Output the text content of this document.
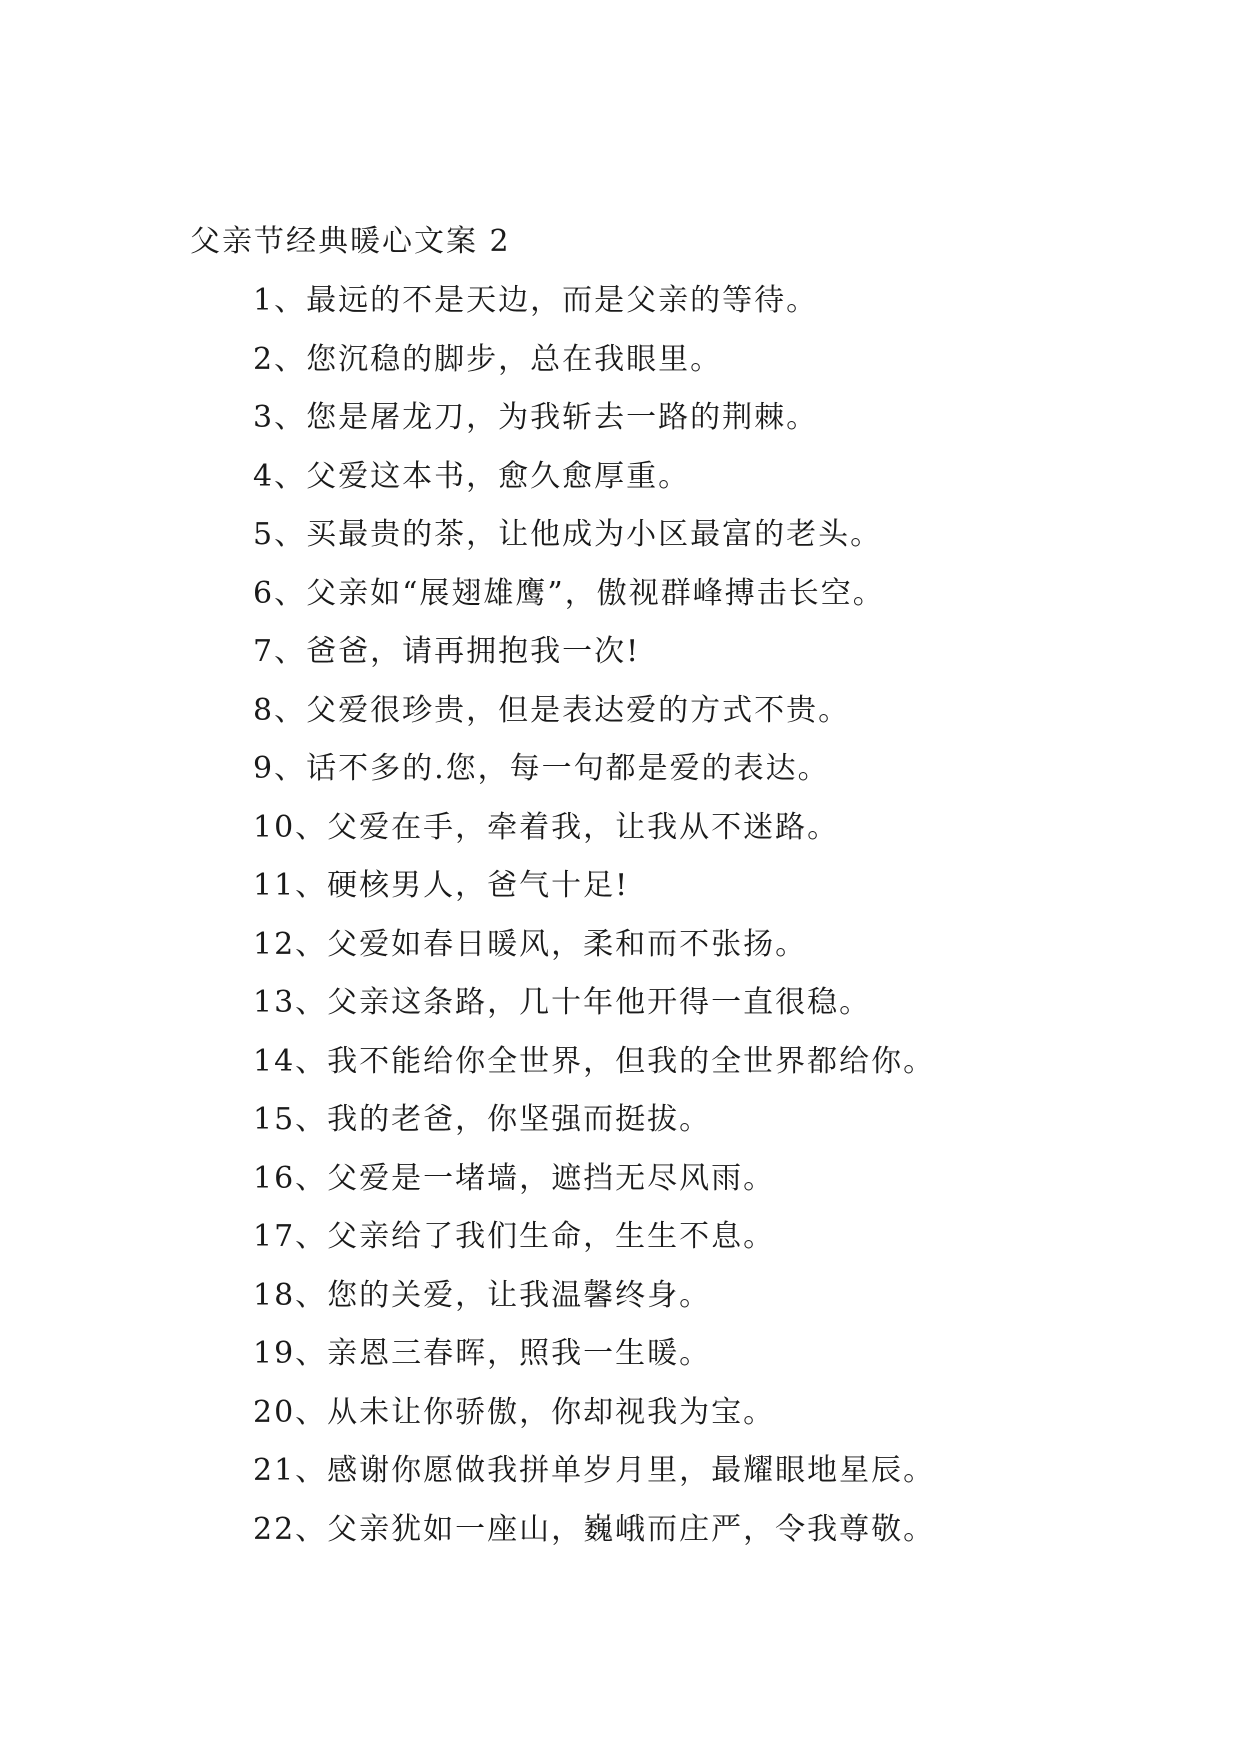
父亲节经典暖心文案 2
1、最远的不是天边，而是父亲的等待。
2、您沉稳的脚步，总在我眼里。
3、您是屠龙刀，为我斩去一路的荆棘。
4、父爱这本书，愈久愈厚重。
5、买最贵的茶，让他成为小区最富的老头。
6、父亲如“展翅雄鹰”，傲视群峰搏击长空。
7、爸爸，请再拥抱我一次!
8、父爱很珍贵，但是表达爱的方式不贵。
9、话不多的.您，每一句都是爱的表达。
10、父爱在手，牵着我，让我从不迷路。
11、硬核男人，爸气十足!
12、父爱如春日暖风，柔和而不张扬。
13、父亲这条路，几十年他开得一直很稳。
14、我不能给你全世界，但我的全世界都给你。
15、我的老爸，你坚强而挺拔。
16、父爱是一堵墙，遮挡无尽风雨。
17、父亲给了我们生命，生生不息。
18、您的关爱，让我温馨终身。
19、亲恩三春晖，照我一生暖。
20、从未让你骄傲，你却视我为宝。
21、感谢你愿做我拼单岁月里，最耀眼地星辰。
22、父亲犹如一座山，巍峨而庄严，令我尊敬。
